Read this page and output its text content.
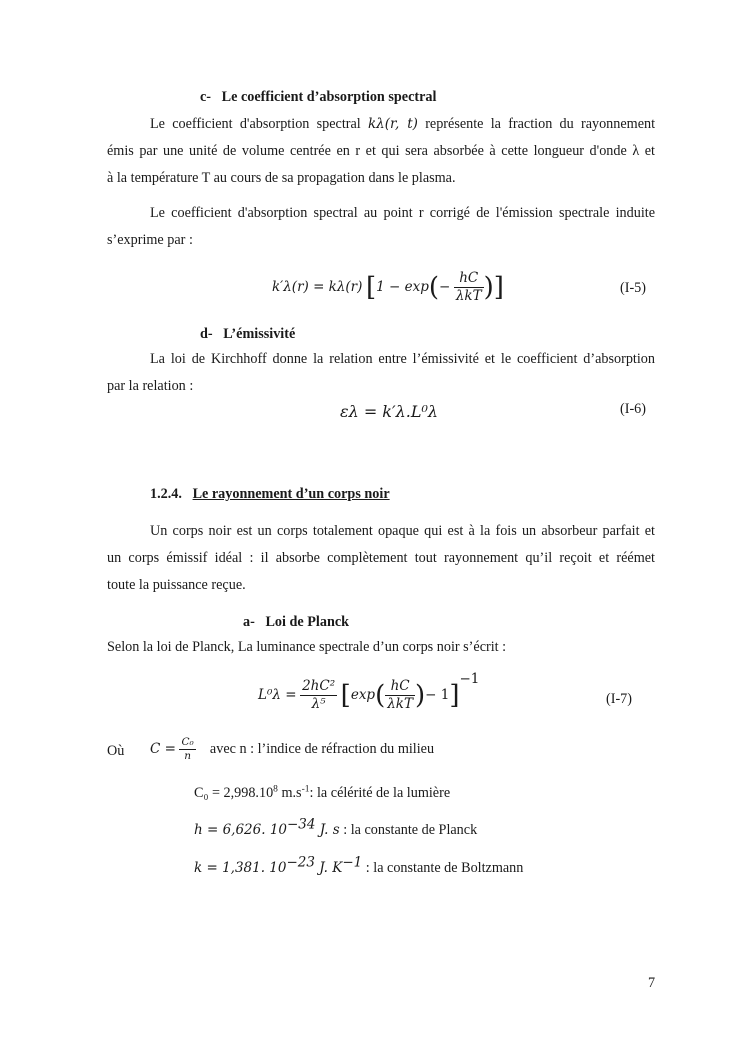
c- Le coefficient d’absorption spectral
Le coefficient d'absorption spectral kλ(r, t) représente la fraction du rayonnement
émis par une unité de volume centrée en r et qui sera absorbée à cette longueur d'onde λ et
à la température T au cours de sa propagation dans le plasma.
Le coefficient d'absorption spectral au point r corrigé de l'émission spectrale induite
s’exprime par :
k′λ(r) = kλ(r) [$1 - \exp(- \frac{hC}{\text{λkT}}$ )]	(I-5)
d- L’émissivité
La loi de Kirchhoff donne la relation entre l’émissivité et le coefficient d’absorption
par la relation :
ελ = k′λ.L⁰λ	(I-6)
1.2.4. Le rayonnement d’un corps noir
Un corps noir est un corps totalement opaque qui est à la fois un absorbeur parfait et
un corps émissif idéal : il absorbe complètement tout rayonnement qu’il reçoit et réémet
toute la puissance reçue.
a- Loi de Planck
Selon la loi de Planck, La luminance spectrale d’un corps noir s’écrit :
$L^0\lambda = \frac{\text{2hC²}}{\text{λ⁵}} [\exp( \frac{hC}{\text{λkT}}$ )− 1]$^{-1}$
(I-7)
Où $C = \frac{\text{C₀}}{n}$ avec n : l’indice de réfraction du milieu
$C_0 = 2,998.10^8$ $m.s^{-1}$: la célérité de la lumière
h = 6,626. $10^{-34}$ J. s : la constante de Planck
k = 1,381. $10^{-23}$ J. $K^{-1}$ : la constante de Boltzmann
7
